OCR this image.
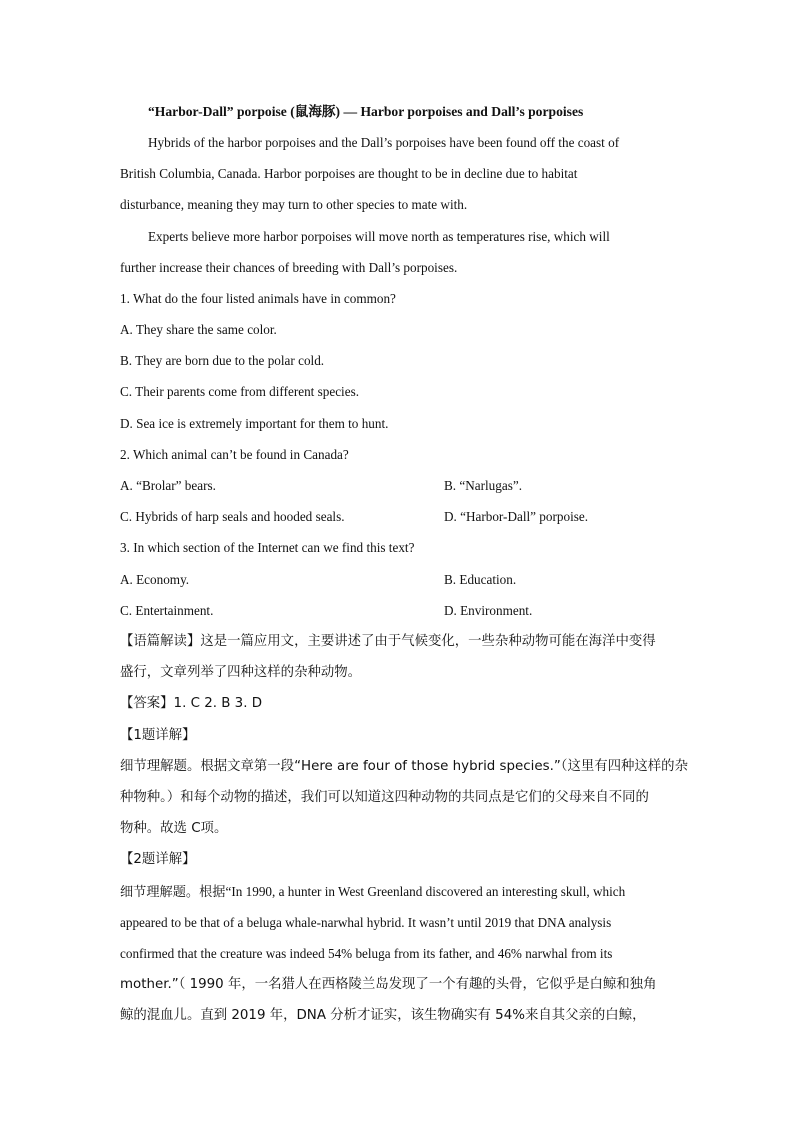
“Harbor-Dall” porpoise (鼠海豚) — Harbor porpoises and Dall’s porpoises
Hybrids of the harbor porpoises and the Dall’s porpoises have been found off the coast of
British Columbia, Canada. Harbor porpoises are thought to be in decline due to habitat
disturbance, meaning they may turn to other species to mate with.
Experts believe more harbor porpoises will move north as temperatures rise, which will
further increase their chances of breeding with Dall’s porpoises.
1. What do the four listed animals have in common?
A. They share the same color.
B. They are born due to the polar cold.
C. Their parents come from different species.
D. Sea ice is extremely important for them to hunt.
2. Which animal can’t be found in Canada?
A. “Brolar” bears.	B. “Narlugas”.
C. Hybrids of harp seals and hooded seals.	D. “Harbor-Dall” porpoise.
3. In which section of the Internet can we find this text?
A. Economy.	B. Education.
C. Entertainment.	D. Environment.
【语篇解读】这是一篇应用文，主要讲述了由于气候变化，一些杂种动物可能在海洋中变得
盛行，文章列举了四种这样的杂种动物。
【答案】1. C 2. B 3. D
【1题详解】
细节理解题。根据文章第一段“Here are four of those hybrid species.”（这里有四种这样的杂
种物种。）和每个动物的描述，我们可以知道这四种动物的共同点是它们的父母来自不同的
物种。故选 C项。
【2题详解】
细节理解题。根据“In 1990, a hunter in West Greenland discovered an interesting skull, which
appeared to be that of a beluga whale-narwhal hybrid. It wasn’t until 2019 that DNA analysis
confirmed that the creature was indeed 54% beluga from its father, and 46% narwhal from its
mother.”（ 1990 年，一名猎人在西格陵兰岛发现了一个有趣的头骨，它似乎是白鲸和独角
鲸的混血儿。直到 2019 年，DNA 分析才证实，该生物确实有 54%来自其父亲的白鲸，
